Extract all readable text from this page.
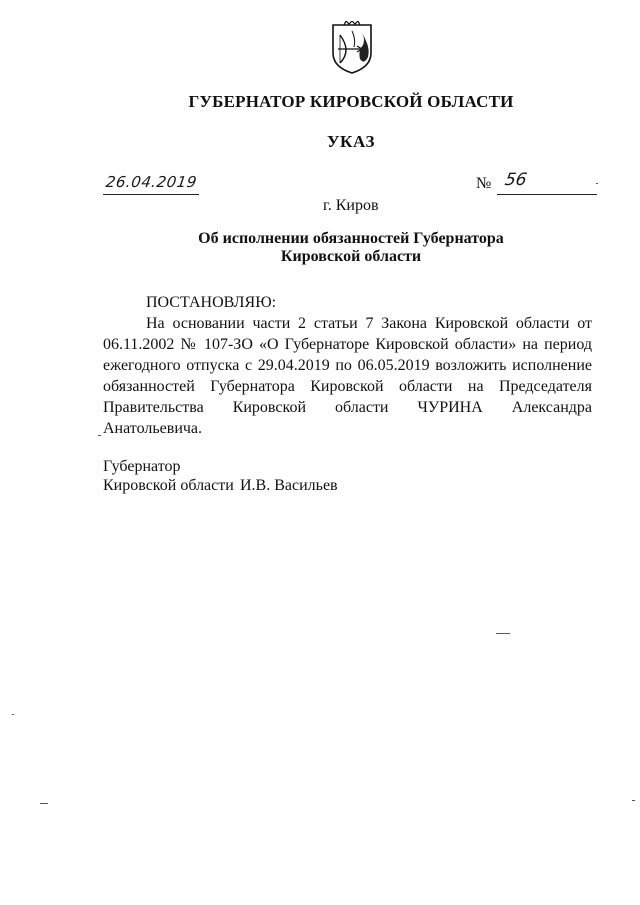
ГУБЕРНАТОР КИРОВСКОЙ ОБЛАСТИ
УКАЗ
26.04.2019	№ 56
г. Киров
Об исполнении обязанностей Губернатора
Кировской области
ПОСТАНОВЛЯЮ:
На основании части 2 статьи 7 Закона Кировской области от 06.11.2002 № 107-ЗО «О Губернаторе Кировской области» на период ежегодного отпуска с 29.04.2019 по 06.05.2019 возложить исполнение обязанностей Губернатора Кировской области на Председателя Правительства Кировской области ЧУРИНА Александра Анатольевича.
Губернатор
Кировской области И.В. Васильев
